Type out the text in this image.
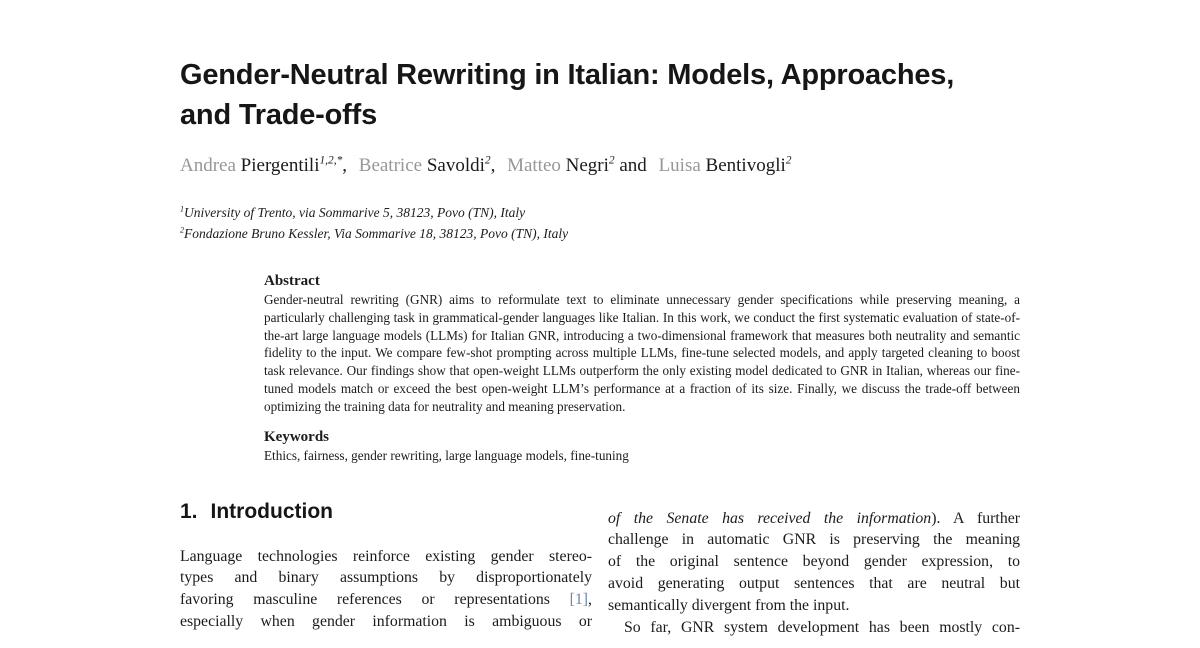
Gender-Neutral Rewriting in Italian: Models, Approaches,
and Trade-offs
Andrea Piergentili$^{1,2,*}$, Beatrice Savoldi$^2$, Matteo Negri$^2$ and Luisa Bentivogli$^2$
$^1$University of Trento, via Sommarive 5, 38123, Povo (TN), Italy
$^2$Fondazione Bruno Kessler, Via Sommarive 18, 38123, Povo (TN), Italy

Abstract

Gender-neutral rewriting (GNR) aims to reformulate text to eliminate unnecessary gender specifications while preserving meaning, a particularly challenging task in grammatical-gender languages like Italian. In this work, we conduct the first systematic evaluation of state-of-the-art large language models (LLMs) for Italian GNR, introducing a two-dimensional framework that measures both neutrality and semantic fidelity to the input. We compare few-shot prompting across multiple LLMs, fine-tune selected models, and apply targeted cleaning to boost task relevance. Our findings show that open-weight LLMs outperform the only existing model dedicated to GNR in Italian, whereas our fine-tuned models match or exceed the best open-weight LLM’s performance at a fraction of its size. Finally, we discuss the trade-off between optimizing the training data for neutrality and meaning preservation.

Keywords

Ethics, fairness, gender rewriting, large language models, fine-tuning

1. Introduction
Language technologies reinforce existing gender stereo-
types and binary assumptions by disproportionately
favoring masculine references or representations [1],
especially when gender information is ambiguous or
of the Senate has received the information). A further
challenge in automatic GNR is preserving the meaning
of the original sentence beyond gender expression, to
avoid generating output sentences that are neutral but
semantically divergent from the input.
So far, GNR system development has been mostly con-
